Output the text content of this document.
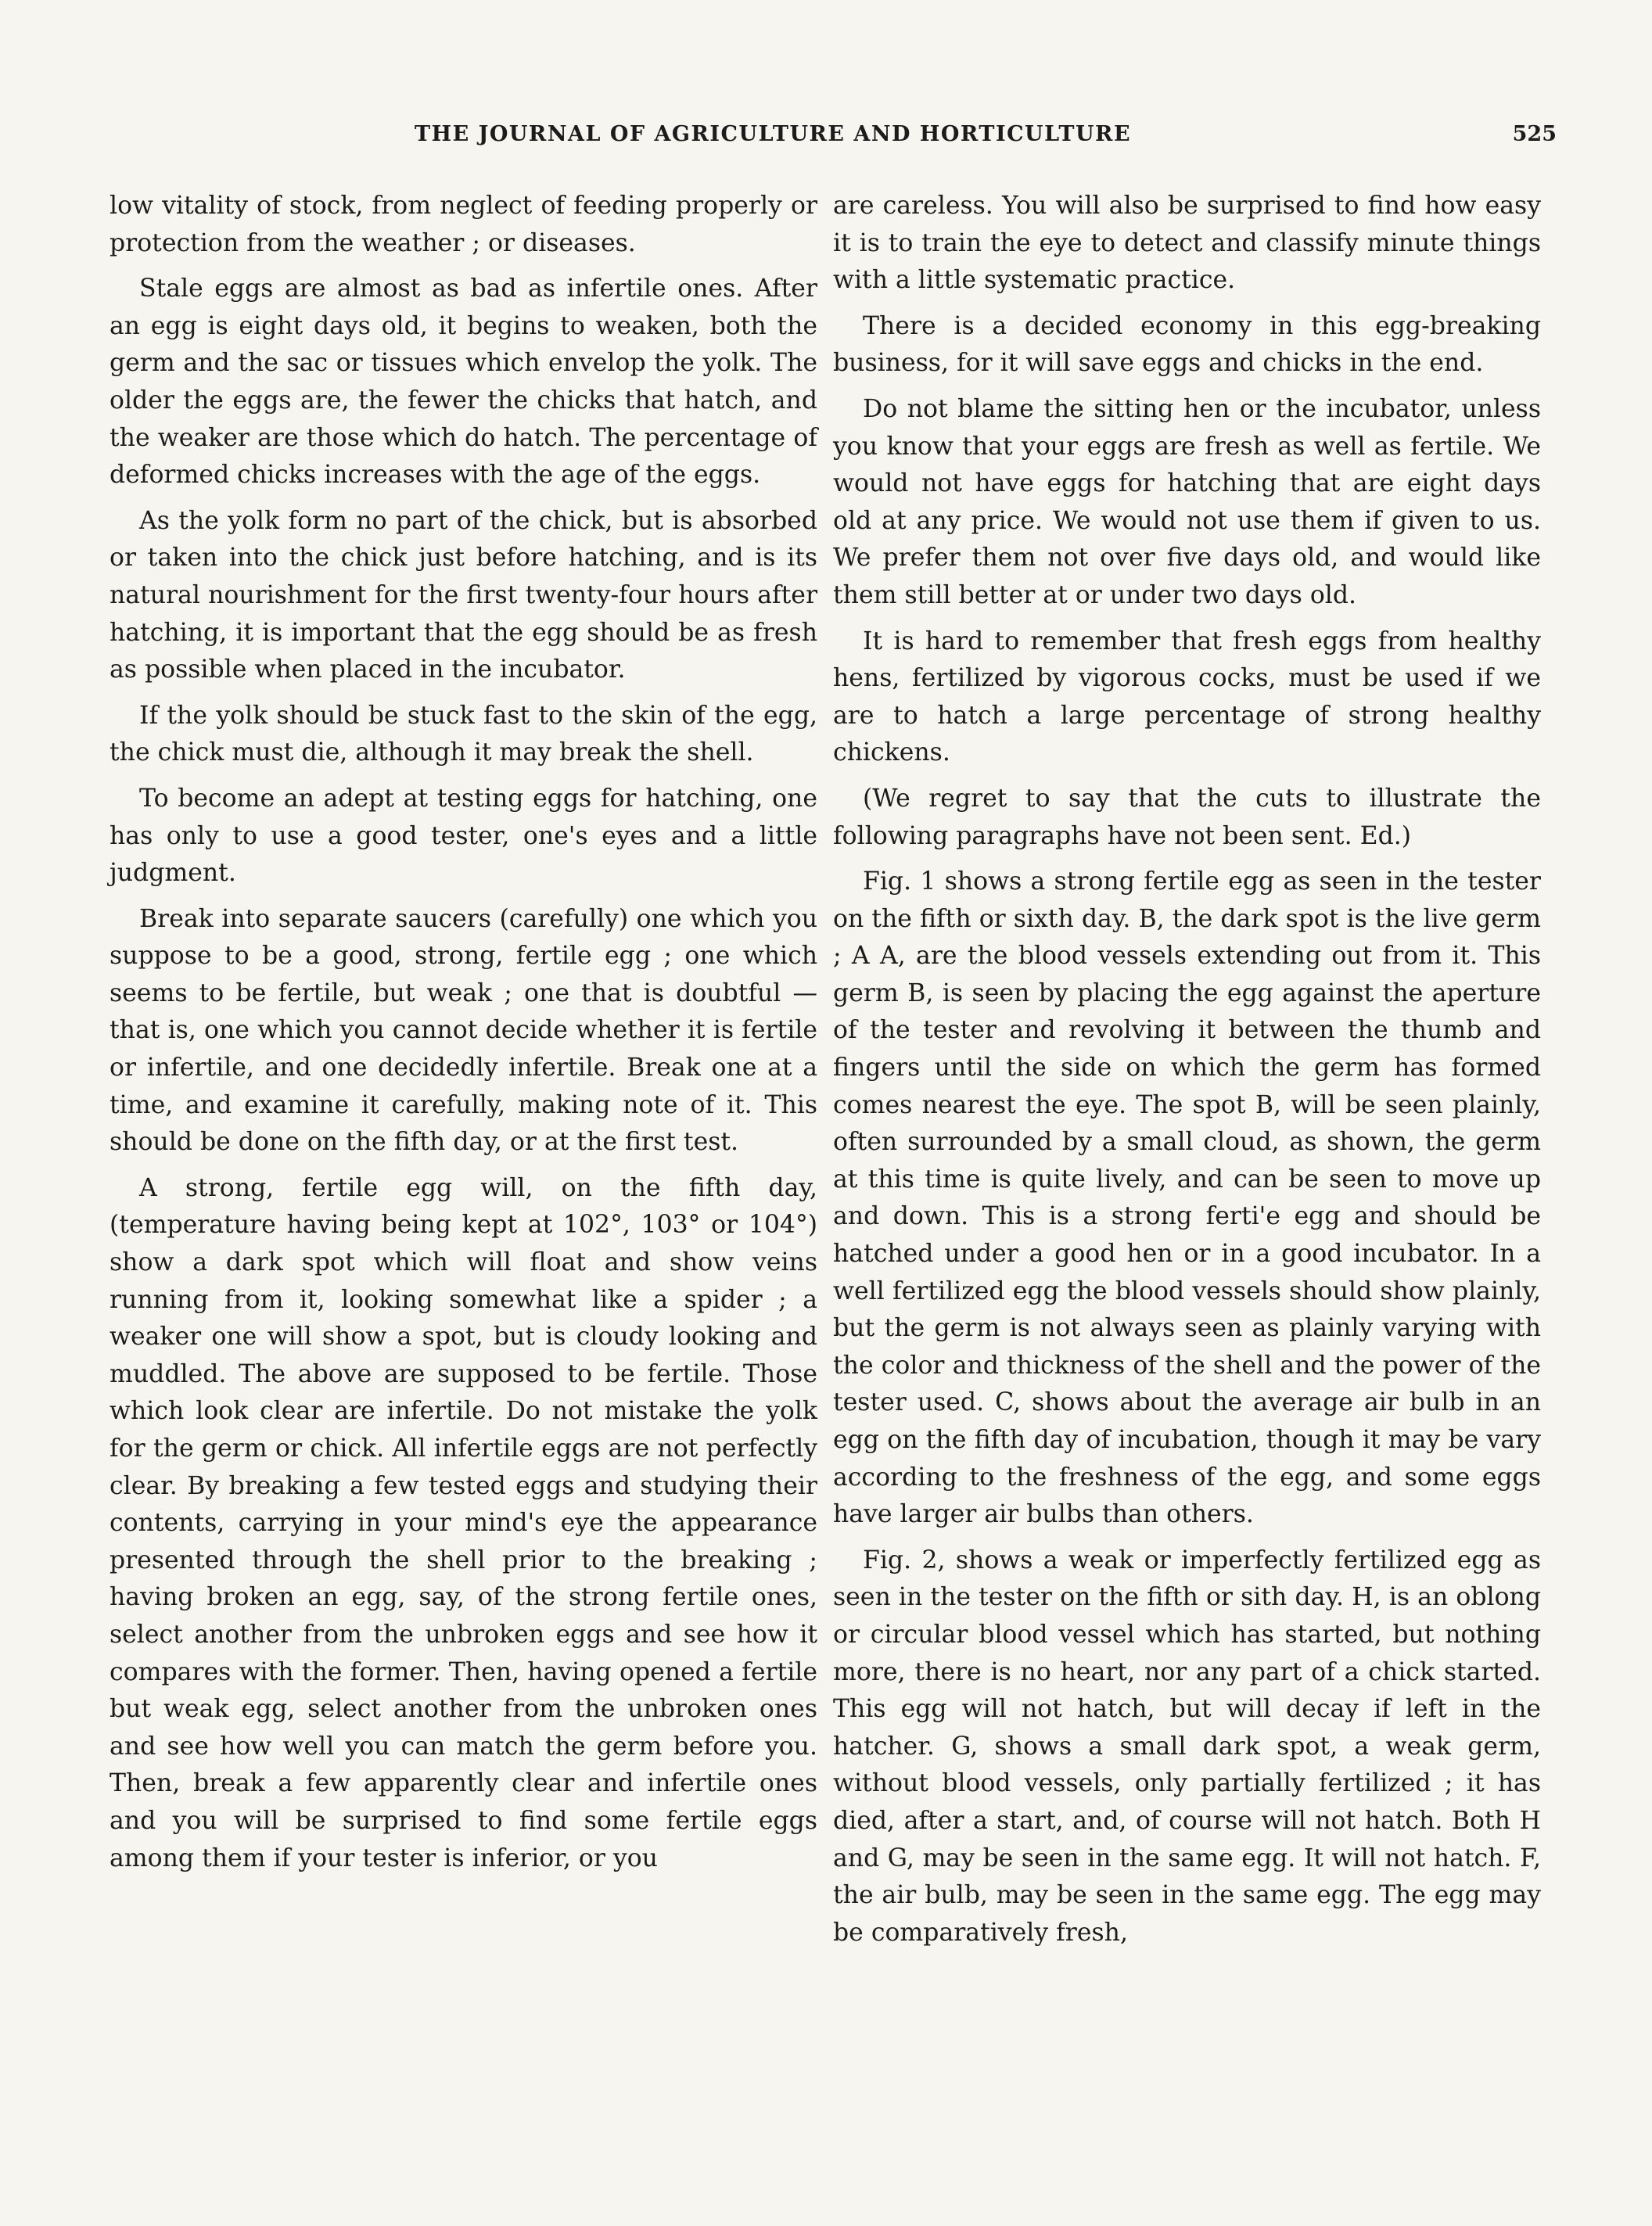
THE JOURNAL OF AGRICULTURE AND HORTICULTURE	525

low vitality of stock, from neglect of feeding properly or protection from the weather ; or diseases.

Stale eggs are almost as bad as infertile ones. After an egg is eight days old, it begins to weaken, both the germ and the sac or tissues which envelop the yolk. The older the eggs are, the fewer the chicks that hatch, and the weaker are those which do hatch. The percentage of deformed chicks increases with the age of the eggs.

As the yolk form no part of the chick, but is absorbed or taken into the chick just before hatching, and is its natural nourishment for the first twenty-four hours after hatching, it is important that the egg should be as fresh as possible when placed in the incubator.

If the yolk should be stuck fast to the skin of the egg, the chick must die, although it may break the shell.

To become an adept at testing eggs for hatching, one has only to use a good tester, one's eyes and a little judgment.

Break into separate saucers (carefully) one which you suppose to be a good, strong, fertile egg ; one which seems to be fertile, but weak ; one that is doubtful — that is, one which you cannot decide whether it is fertile or infertile, and one decidedly infertile. Break one at a time, and examine it carefully, making note of it. This should be done on the fifth day, or at the first test.

A strong, fertile egg will, on the fifth day, (temperature having being kept at 102°, 103° or 104°) show a dark spot which will float and show veins running from it, looking somewhat like a spider ; a weaker one will show a spot, but is cloudy looking and muddled. The above are supposed to be fertile. Those which look clear are infertile. Do not mistake the yolk for the germ or chick. All infertile eggs are not perfectly clear. By breaking a few tested eggs and studying their contents, carrying in your mind's eye the appearance presented through the shell prior to the breaking ; having broken an egg, say, of the strong fertile ones, select another from the unbroken eggs and see how it compares with the former. Then, having opened a fertile but weak egg, select another from the unbroken ones and see how well you can match the germ before you. Then, break a few apparently clear and infertile ones and you will be surprised to find some fertile eggs among them if your tester is inferior, or you

are careless. You will also be surprised to find how easy it is to train the eye to detect and classify minute things with a little systematic practice.

There is a decided economy in this egg-breaking business, for it will save eggs and chicks in the end.

Do not blame the sitting hen or the incubator, unless you know that your eggs are fresh as well as fertile. We would not have eggs for hatching that are eight days old at any price. We would not use them if given to us. We prefer them not over five days old, and would like them still better at or under two days old.

It is hard to remember that fresh eggs from healthy hens, fertilized by vigorous cocks, must be used if we are to hatch a large percentage of strong healthy chickens.

(We regret to say that the cuts to illustrate the following paragraphs have not been sent. Ed.)

Fig. 1 shows a strong fertile egg as seen in the tester on the fifth or sixth day. B, the dark spot is the live germ ; A A, are the blood vessels extending out from it. This germ B, is seen by placing the egg against the aperture of the tester and revolving it between the thumb and fingers until the side on which the germ has formed comes nearest the eye. The spot B, will be seen plainly, often surrounded by a small cloud, as shown, the germ at this time is quite lively, and can be seen to move up and down. This is a strong ferti'e egg and should be hatched under a good hen or in a good incubator. In a well fertilized egg the blood vessels should show plainly, but the germ is not always seen as plainly varying with the color and thickness of the shell and the power of the tester used. C, shows about the average air bulb in an egg on the fifth day of incubation, though it may be vary according to the freshness of the egg, and some eggs have larger air bulbs than others.

Fig. 2, shows a weak or imperfectly fertilized egg as seen in the tester on the fifth or sith day. H, is an oblong or circular blood vessel which has started, but nothing more, there is no heart, nor any part of a chick started. This egg will not hatch, but will decay if left in the hatcher. G, shows a small dark spot, a weak germ, without blood vessels, only partially fertilized ; it has died, after a start, and, of course will not hatch. Both H and G, may be seen in the same egg. It will not hatch. F, the air bulb, may be seen in the same egg. The egg may be comparatively fresh,
